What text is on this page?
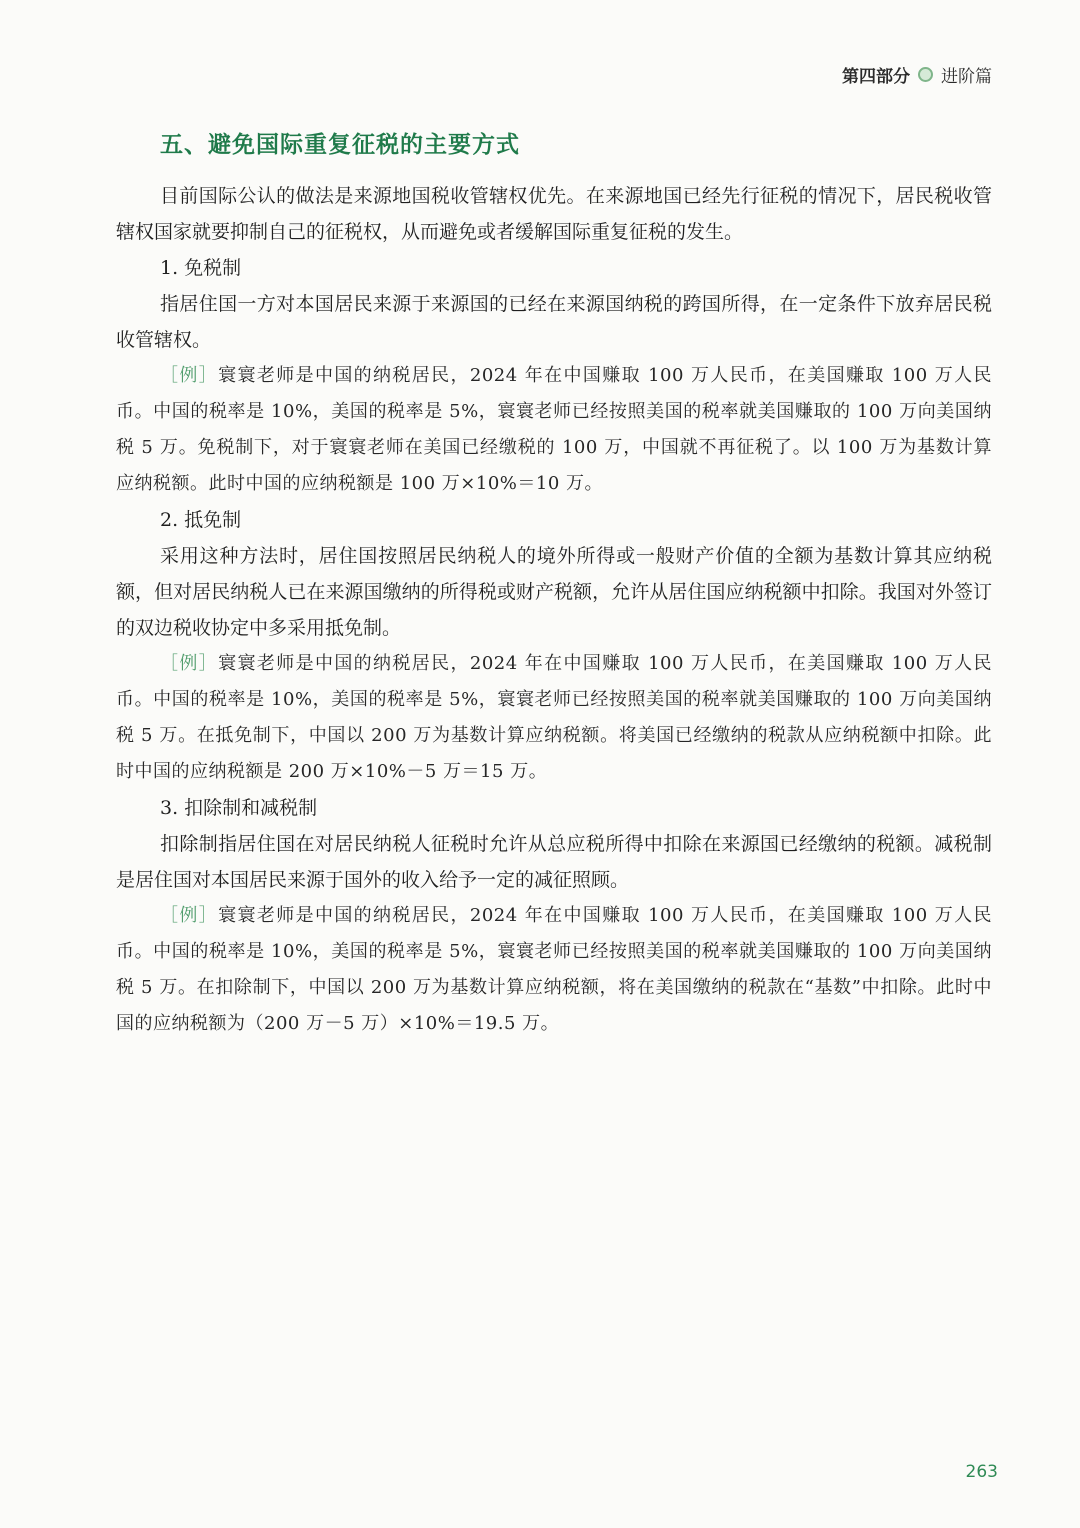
第四部分 进阶篇
五、避免国际重复征税的主要方式

目前国际公认的做法是来源地国税收管辖权优先。在来源地国已经先行征税的情况下，居民税收管辖权国家就要抑制自己的征税权，从而避免或者缓解国际重复征税的发生。

1. 免税制

指居住国一方对本国居民来源于来源国的已经在来源国纳税的跨国所得，在一定条件下放弃居民税收管辖权。

［例］寰寰老师是中国的纳税居民，2024 年在中国赚取 100 万人民币，在美国赚取 100 万人民币。中国的税率是 10%，美国的税率是 5%，寰寰老师已经按照美国的税率就美国赚取的 100 万向美国纳税 5 万。免税制下，对于寰寰老师在美国已经缴税的 100 万，中国就不再征税了。以 100 万为基数计算应纳税额。此时中国的应纳税额是 100 万×10%＝10 万。

2. 抵免制

采用这种方法时，居住国按照居民纳税人的境外所得或一般财产价值的全额为基数计算其应纳税额，但对居民纳税人已在来源国缴纳的所得税或财产税额，允许从居住国应纳税额中扣除。我国对外签订的双边税收协定中多采用抵免制。

［例］寰寰老师是中国的纳税居民，2024 年在中国赚取 100 万人民币，在美国赚取 100 万人民币。中国的税率是 10%，美国的税率是 5%，寰寰老师已经按照美国的税率就美国赚取的 100 万向美国纳税 5 万。在抵免制下，中国以 200 万为基数计算应纳税额。将美国已经缴纳的税款从应纳税额中扣除。此时中国的应纳税额是 200 万×10%－5 万＝15 万。

3. 扣除制和减税制

扣除制指居住国在对居民纳税人征税时允许从总应税所得中扣除在来源国已经缴纳的税额。减税制是居住国对本国居民来源于国外的收入给予一定的减征照顾。

［例］寰寰老师是中国的纳税居民，2024 年在中国赚取 100 万人民币，在美国赚取 100 万人民币。中国的税率是 10%，美国的税率是 5%，寰寰老师已经按照美国的税率就美国赚取的 100 万向美国纳税 5 万。在扣除制下，中国以 200 万为基数计算应纳税额，将在美国缴纳的税款在“基数”中扣除。此时中国的应纳税额为（200 万－5 万）×10%＝19.5 万。

263
